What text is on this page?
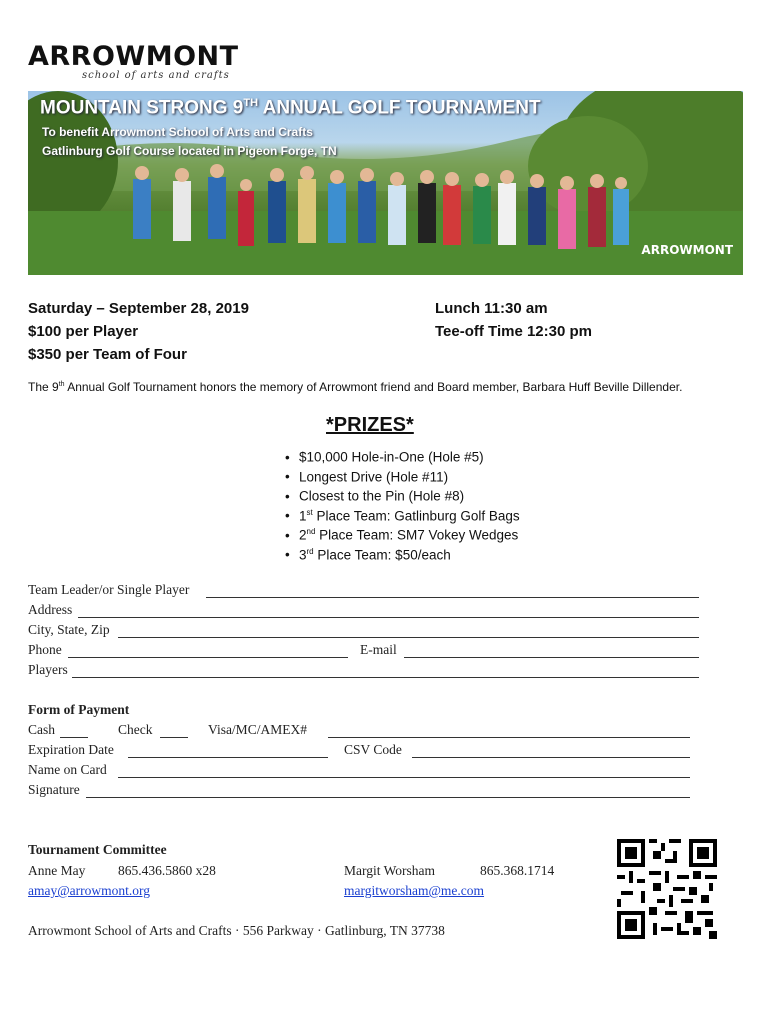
ARROWMONT
school of arts and crafts
MOUNTAIN STRONG 9TH ANNUAL GOLF TOURNAMENT
To benefit Arrowmont School of Arts and Crafts
Gatlinburg Golf Course located in Pigeon Forge, TN
ARROWMONT
Saturday – September 28, 2019
$100 per Player
$350 per Team of Four
Lunch 11:30 am
Tee-off Time 12:30 pm
The 9th Annual Golf Tournament honors the memory of Arrowmont friend and Board member, Barbara Huff Beville Dillender.
*PRIZES*
• $10,000 Hole-in-One (Hole #5)
• Longest Drive (Hole #11)
• Closest to the Pin (Hole #8)
• 1st Place Team: Gatlinburg Golf Bags
• 2nd Place Team: SM7 Vokey Wedges
• 3rd Place Team: $50/each
Team Leader/or Single Player
Address
City, State, Zip
Phone	E-mail
Players
Form of Payment
Cash	Check	Visa/MC/AMEX#
Expiration Date	CSV Code
Name on Card
Signature
Tournament Committee
Anne May 865.436.5860 x28
amay@arrowmont.org
Margit Worsham	865.368.1714
margitworsham@me.com
Arrowmont School of Arts and Crafts · 556 Parkway · Gatlinburg, TN 37738
